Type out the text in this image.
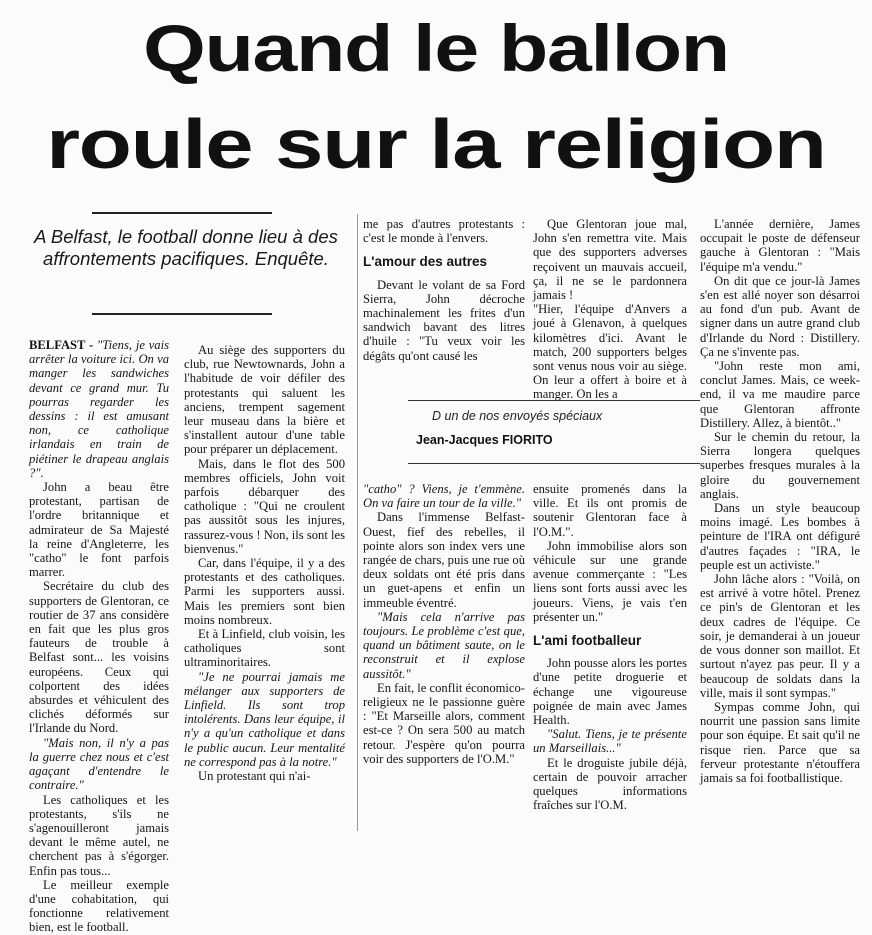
Quand le ballon
roule sur la religion
A Belfast, le football donne lieu à des affrontements pacifiques. Enquête.

BELFAST - "Tiens, je vais arrêter la voiture ici. On va manger les sandwiches devant ce grand mur. Tu pourras regarder les dessins : il est amusant non, ce catholique irlandais en train de piétiner le drapeau anglais ?".

John a beau être protestant, partisan de l'ordre britannique et admirateur de Sa Majesté la reine d'Angleterre, les "catho" le font parfois marrer.

Secrétaire du club des supporters de Glentoran, ce routier de 37 ans considère en fait que les plus gros fauteurs de trouble à Belfast sont... les voisins européens. Ceux qui colportent des idées absurdes et véhiculent des clichés déformés sur l'Irlande du Nord.

"Mais non, il n'y a pas la guerre chez nous et c'est agaçant d'entendre le contraire."

Les catholiques et les protestants, s'ils ne s'agenouilleront jamais devant le même autel, ne cherchent pas à s'égorger. Enfin pas tous...

Le meilleur exemple d'une cohabitation, qui fonctionne relativement bien, est le football.

Au siège des supporters du club, rue Newtownards, John a l'habitude de voir défiler des protestants qui saluent les anciens, trempent sagement leur museau dans la bière et s'installent autour d'une table pour préparer un déplacement.

Mais, dans le flot des 500 membres officiels, John voit parfois débarquer des catholique : "Qui ne croulent pas aussitôt sous les injures, rassurez-vous ! Non, ils sont les bienvenus."

Car, dans l'équipe, il y a des protestants et des catholiques. Parmi les supporters aussi. Mais les premiers sont bien moins nombreux.

Et à Linfield, club voisin, les catholiques sont ultraminoritaires.

"Je ne pourrai jamais me mélanger aux supporters de Linfield. Ils sont trop intolérents. Dans leur équipe, il n'y a qu'un catholique et dans le public aucun. Leur mentalité ne correspond pas à la notre."

Un protestant qui n'ai-

me pas d'autres protestants : c'est le monde à l'envers.

L'amour des autres

Devant le volant de sa Ford Sierra, John décroche machinalement les frites d'un sandwich bavant des litres d'huile : "Tu veux voir les dégâts qu'ont causé les

Que Glentoran joue mal, John s'en remettra vite. Mais que des supporters adverses reçoivent un mauvais accueil, ça, il ne se le pardonnera jamais !

"Hier, l'équipe d'Anvers a joué à Glenavon, à quelques kilomètres d'ici. Avant le match, 200 supporters belges sont venus nous voir au siège. On leur a offert à boire et à manger. On les a

D un de nos envoyés spéciaux
Jean-Jacques FIORITO

"catho" ? Viens, je t'emmène. On va faire un tour de la ville."

Dans l'immense Belfast-Ouest, fief des rebelles, il pointe alors son index vers une rangée de chars, puis une rue où deux soldats ont été pris dans un guet-apens et enfin un immeuble éventré.

"Mais cela n'arrive pas toujours. Le problème c'est que, quand un bâtiment saute, on le reconstruit et il explose aussitôt."

En fait, le conflit économico-religieux ne le passionne guère : "Et Marseille alors, comment est-ce ? On sera 500 au match retour. J'espère qu'on pourra voir des supporters de l'O.M."

ensuite promenés dans la ville. Et ils ont promis de soutenir Glentoran face à l'O.M.".

John immobilise alors son véhicule sur une grande avenue commerçante : "Les liens sont forts aussi avec les joueurs. Viens, je vais t'en présenter un."

L'ami footballeur

John pousse alors les portes d'une petite droguerie et échange une vigoureuse poignée de main avec James Health.

"Salut. Tiens, je te présente un Marseillais..."

Et le droguiste jubile déjà, certain de pouvoir arracher quelques informations fraîches sur l'O.M.

L'année dernière, James occupait le poste de défenseur gauche à Glentoran : "Mais l'équipe m'a vendu."

On dit que ce jour-là James s'en est allé noyer son désarroi au fond d'un pub. Avant de signer dans un autre grand club d'Irlande du Nord : Distillery. Ça ne s'invente pas.

"John reste mon ami, conclut James. Mais, ce week-end, il va me maudire parce que Glentoran affronte Distillery. Allez, à bientôt.."

Sur le chemin du retour, la Sierra longera quelques superbes fresques murales à la gloire du gouvernement anglais.

Dans un style beaucoup moins imagé. Les bombes à peinture de l'IRA ont défiguré d'autres façades : "IRA, le peuple est un activiste."

John lâche alors : "Voilà, on est arrivé à votre hôtel. Prenez ce pin's de Glentoran et les deux cadres de l'équipe. Ce soir, je demanderai à un joueur de vous donner son maillot. Et surtout n'ayez pas peur. Il y a beaucoup de soldats dans la ville, mais il sont sympas."

Sympas comme John, qui nourrit une passion sans limite pour son équipe. Et sait qu'il ne risque rien. Parce que sa ferveur protestante n'étouffera jamais sa foi footballistique.
